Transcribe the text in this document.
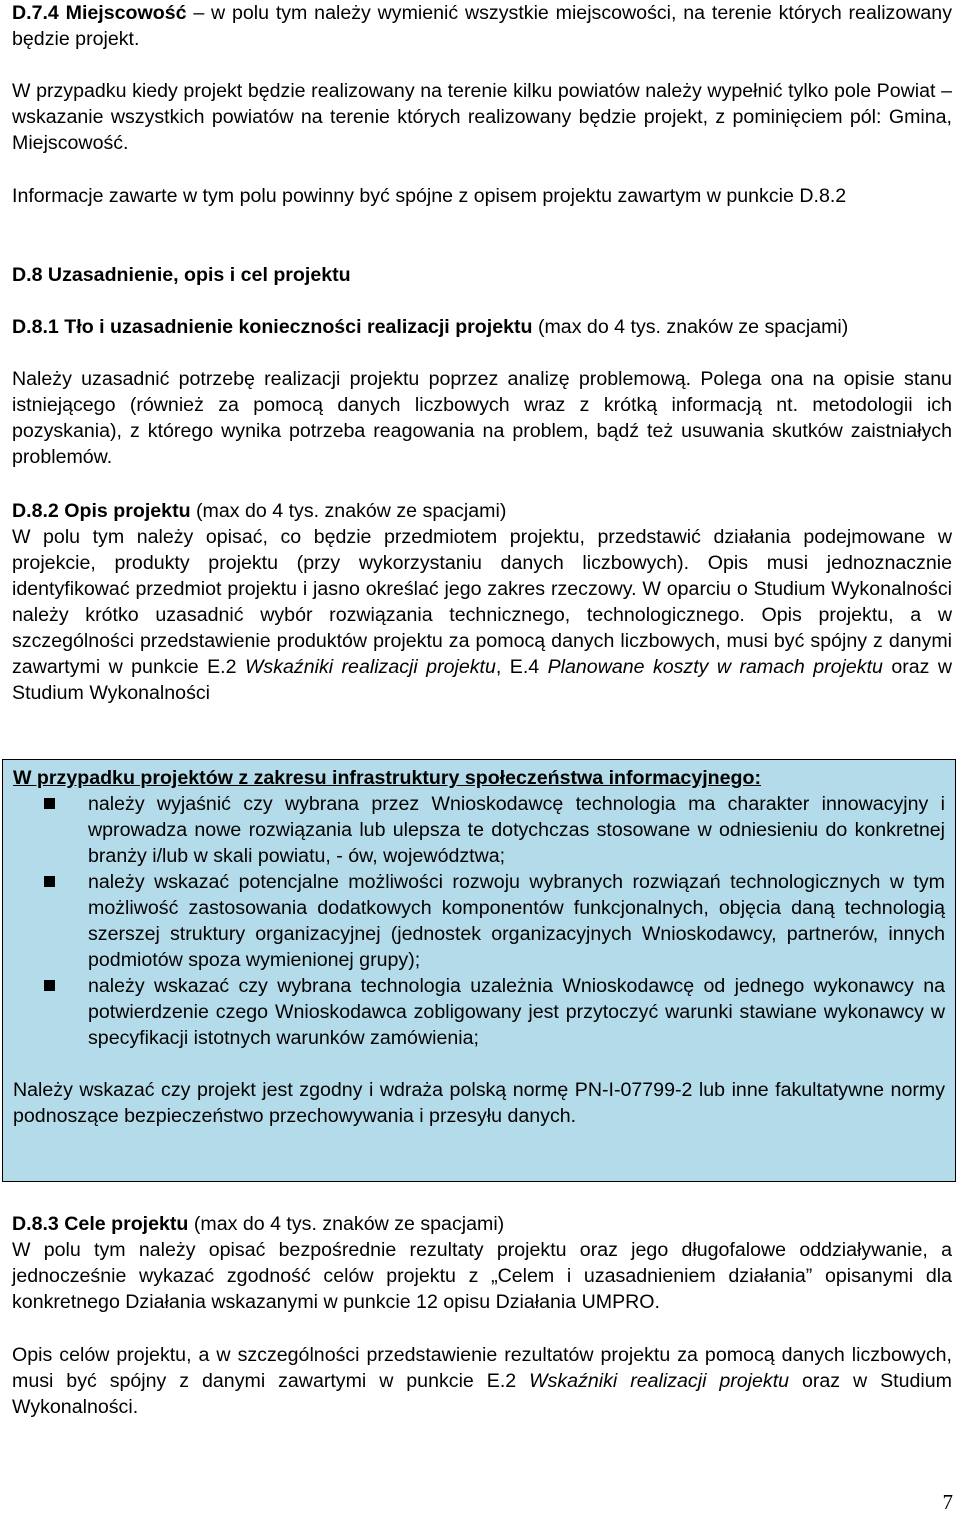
D.7.4 Miejscowość – w polu tym należy wymienić wszystkie miejscowości, na terenie których realizowany będzie projekt.

W przypadku kiedy projekt będzie realizowany na terenie kilku powiatów należy wypełnić tylko pole Powiat – wskazanie wszystkich powiatów na terenie których realizowany będzie projekt, z pominięciem pól: Gmina, Miejscowość.

Informacje zawarte w tym polu powinny być spójne z opisem projektu zawartym w punkcie D.8.2

D.8 Uzasadnienie, opis i cel projektu

D.8.1 Tło i uzasadnienie konieczności realizacji projektu (max do 4 tys. znaków ze spacjami)

Należy uzasadnić potrzebę realizacji projektu poprzez analizę problemową. Polega ona na opisie stanu istniejącego (również za pomocą danych liczbowych wraz z krótką informacją nt. metodologii ich pozyskania), z którego wynika potrzeba reagowania na problem, bądź też usuwania skutków zaistniałych problemów.

D.8.2 Opis projektu (max do 4 tys. znaków ze spacjami)

W polu tym należy opisać, co będzie przedmiotem projektu, przedstawić działania podejmowane w projekcie, produkty projektu (przy wykorzystaniu danych liczbowych). Opis musi jednoznacznie identyfikować przedmiot projektu i jasno określać jego zakres rzeczowy. W oparciu o Studium Wykonalności należy krótko uzasadnić wybór rozwiązania technicznego, technologicznego. Opis projektu, a w szczególności przedstawienie produktów projektu za pomocą danych liczbowych, musi być spójny z danymi zawartymi w punkcie E.2 Wskaźniki realizacji projektu, E.4 Planowane koszty w ramach projektu oraz w Studium Wykonalności

W przypadku projektów z zakresu infrastruktury społeczeństwa informacyjnego:

należy wyjaśnić czy wybrana przez Wnioskodawcę technologia ma charakter innowacyjny i wprowadza nowe rozwiązania lub ulepsza te dotychczas stosowane w odniesieniu do konkretnej branży i/lub w skali powiatu, - ów, województwa;
należy wskazać potencjalne możliwości rozwoju wybranych rozwiązań technologicznych w tym możliwość zastosowania dodatkowych komponentów funkcjonalnych, objęcia daną technologią szerszej struktury organizacyjnej (jednostek organizacyjnych Wnioskodawcy, partnerów, innych podmiotów spoza wymienionej grupy);
należy wskazać czy wybrana technologia uzależnia Wnioskodawcę od jednego wykonawcy na potwierdzenie czego Wnioskodawca zobligowany jest przytoczyć warunki stawiane wykonawcy w specyfikacji istotnych warunków zamówienia;

Należy wskazać czy projekt jest zgodny i wdraża polską normę PN-I-07799-2 lub inne fakultatywne normy podnoszące bezpieczeństwo przechowywania i przesyłu danych.

D.8.3 Cele projektu (max do 4 tys. znaków ze spacjami)

W polu tym należy opisać bezpośrednie rezultaty projektu oraz jego długofalowe oddziaływanie, a jednocześnie wykazać zgodność celów projektu z „Celem i uzasadnieniem działania” opisanymi dla konkretnego Działania wskazanymi w punkcie 12 opisu Działania UMPRO.

Opis celów projektu, a w szczególności przedstawienie rezultatów projektu za pomocą danych liczbowych, musi być spójny z danymi zawartymi w punkcie E.2 Wskaźniki realizacji projektu oraz w Studium Wykonalności.

7
